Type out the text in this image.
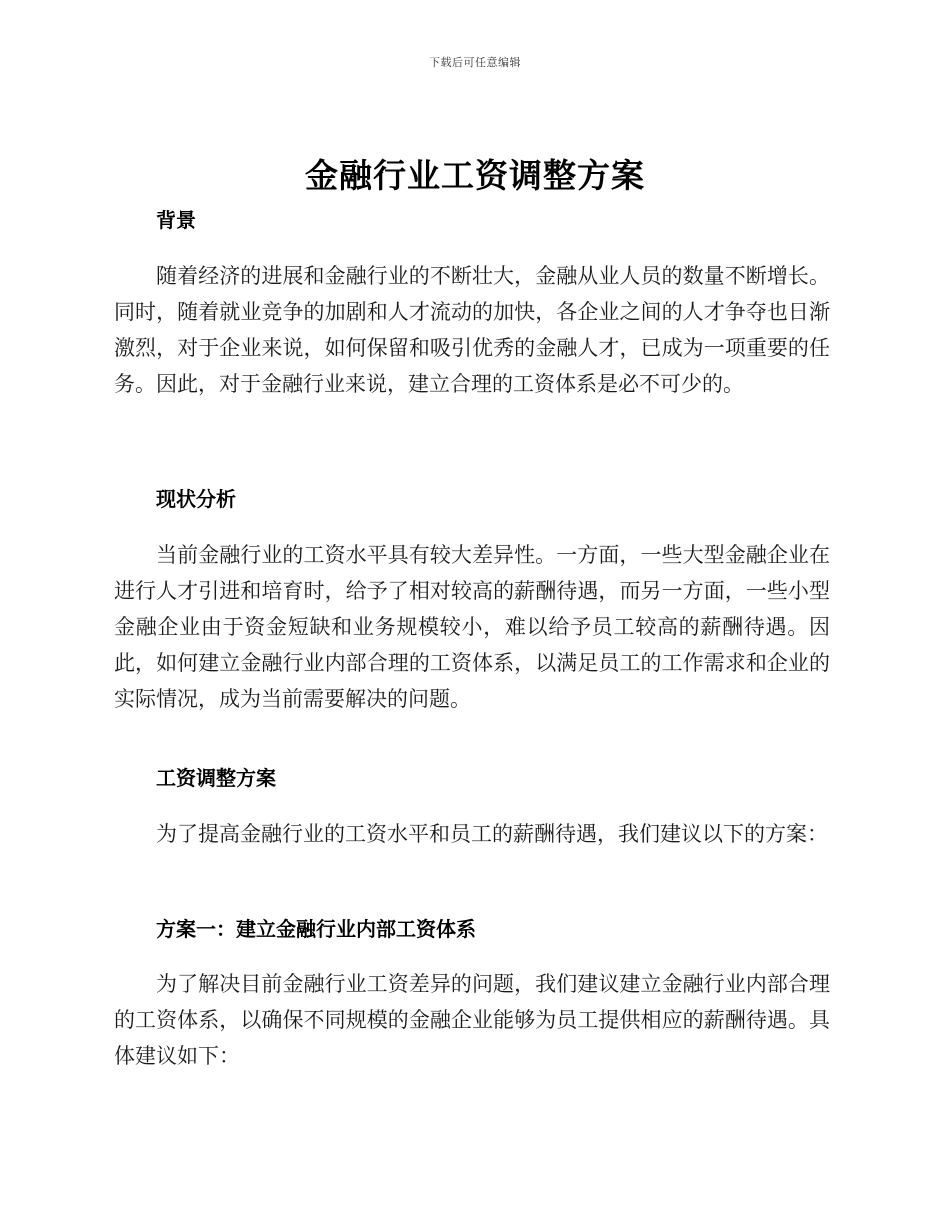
下载后可任意编辑
金融行业工资调整方案
背景

随着经济的进展和金融行业的不断壮大，金融从业人员的数量不断增长。同时，随着就业竞争的加剧和人才流动的加快，各企业之间的人才争夺也日渐激烈，对于企业来说，如何保留和吸引优秀的金融人才，已成为一项重要的任务。因此，对于金融行业来说，建立合理的工资体系是必不可少的。

现状分析

当前金融行业的工资水平具有较大差异性。一方面，一些大型金融企业在进行人才引进和培育时，给予了相对较高的薪酬待遇，而另一方面，一些小型金融企业由于资金短缺和业务规模较小，难以给予员工较高的薪酬待遇。因此，如何建立金融行业内部合理的工资体系，以满足员工的工作需求和企业的实际情况，成为当前需要解决的问题。

工资调整方案

为了提高金融行业的工资水平和员工的薪酬待遇，我们建议以下的方案：

方案一：建立金融行业内部工资体系

为了解决目前金融行业工资差异的问题，我们建议建立金融行业内部合理的工资体系，以确保不同规模的金融企业能够为员工提供相应的薪酬待遇。具体建议如下：
